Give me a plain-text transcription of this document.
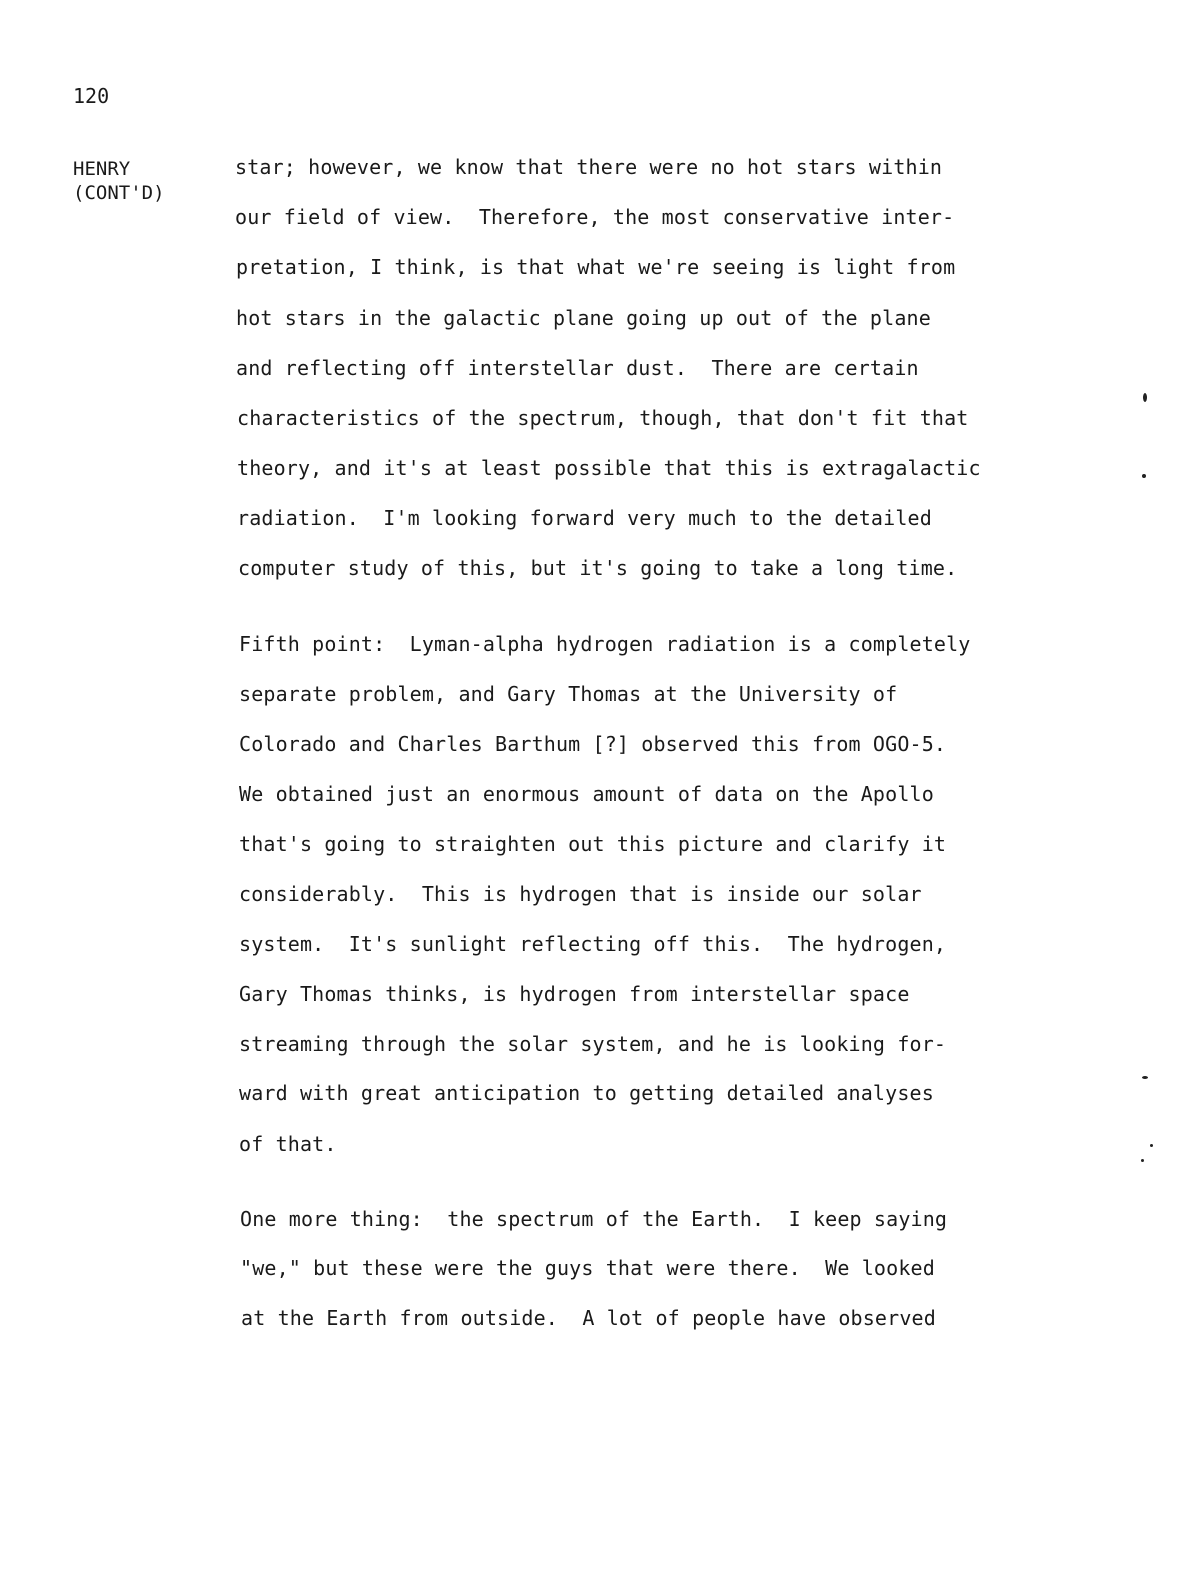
120
HENRY
(CONT'D)
star; however, we know that there were no hot stars within
our field of view.  Therefore, the most conservative inter-
pretation, I think, is that what we're seeing is light from
hot stars in the galactic plane going up out of the plane
and reflecting off interstellar dust.  There are certain
characteristics of the spectrum, though, that don't fit that
theory, and it's at least possible that this is extragalactic
radiation.  I'm looking forward very much to the detailed
computer study of this, but it's going to take a long time.
Fifth point:  Lyman-alpha hydrogen radiation is a completely
separate problem, and Gary Thomas at the University of
Colorado and Charles Barthum [?] observed this from OGO-5.
We obtained just an enormous amount of data on the Apollo
that's going to straighten out this picture and clarify it
considerably.  This is hydrogen that is inside our solar
system.  It's sunlight reflecting off this.  The hydrogen,
Gary Thomas thinks, is hydrogen from interstellar space
streaming through the solar system, and he is looking for-
ward with great anticipation to getting detailed analyses
of that.
One more thing:  the spectrum of the Earth.  I keep saying
"we," but these were the guys that were there.  We looked
at the Earth from outside.  A lot of people have observed
